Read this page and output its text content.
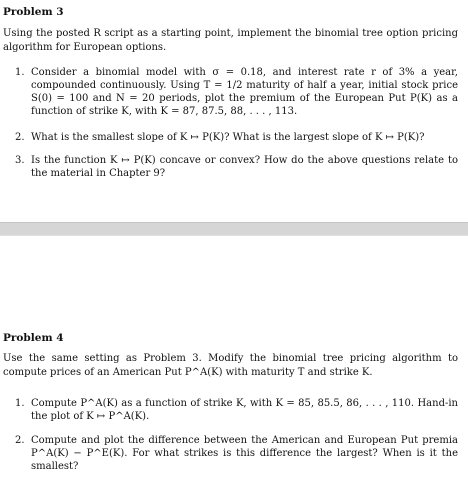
Problem 3

Using the posted R script as a starting point, implement the binomial tree option pricing algorithm for European options.

1. Consider a binomial model with σ = 0.18, and interest rate r of 3% a year, compounded continuously. Using T = 1/2 maturity of half a year, initial stock price S(0) = 100 and N = 20 periods, plot the premium of the European Put P(K) as a function of strike K, with K = 87, 87.5, 88, . . . , 113.
2. What is the smallest slope of K ↦ P(K)? What is the largest slope of K ↦ P(K)?
3. Is the function K ↦ P(K) concave or convex? How do the above questions relate to the material in Chapter 9?

Problem 4

Use the same setting as Problem 3. Modify the binomial tree pricing algorithm to compute prices of an American Put P^A(K) with maturity T and strike K.

1. Compute P^A(K) as a function of strike K, with K = 85, 85.5, 86, . . . , 110. Hand-in the plot of K ↦ P^A(K).
2. Compute and plot the difference between the American and European Put premia P^A(K) − P^E(K). For what strikes is this difference the largest? When is it the smallest?
